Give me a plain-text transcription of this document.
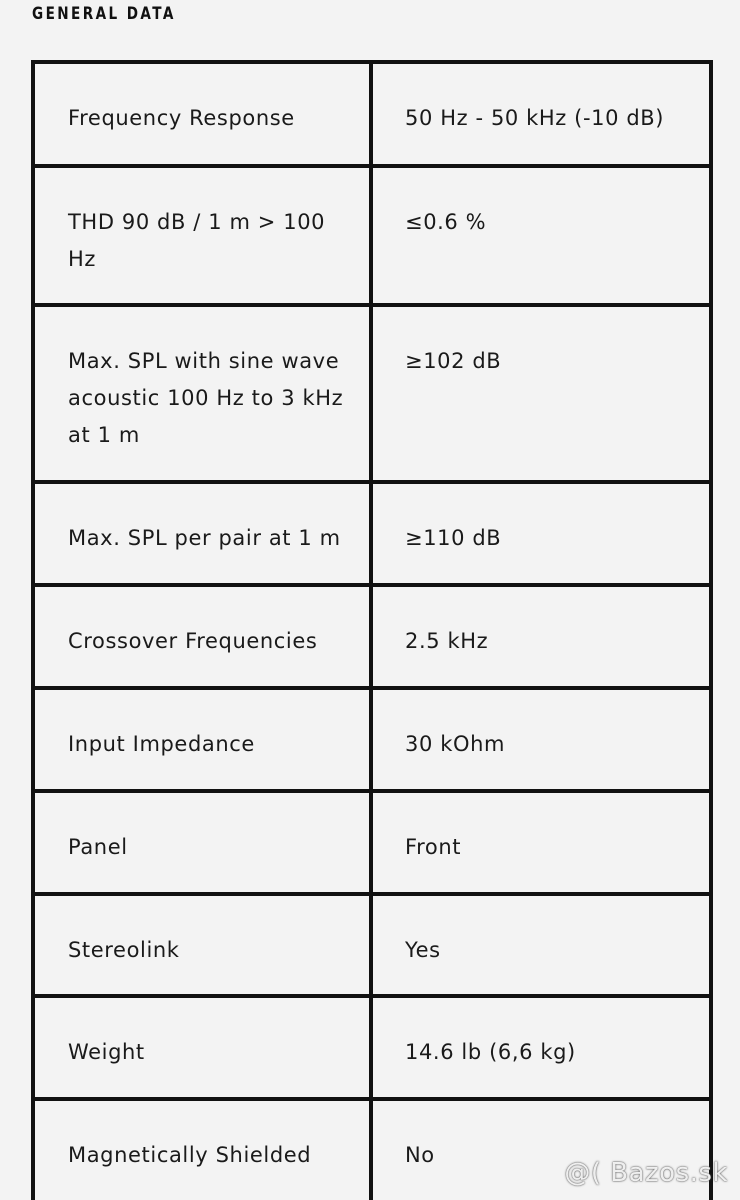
GENERAL DATA
Frequency Response	50 Hz - 50 kHz (-10 dB)
THD 90 dB / 1 m > 100 Hz	≤0.6 %
Max. SPL with sine wave acoustic 100 Hz to 3 kHz at 1 m	≥102 dB
Max. SPL per pair at 1 m	≥110 dB
Crossover Frequencies	2.5 kHz
Input Impedance	30 kOhm
Panel	Front
Stereolink	Yes
Weight	14.6 lb (6,6 kg)
Magnetically Shielded	No
@( Bazos.sk
